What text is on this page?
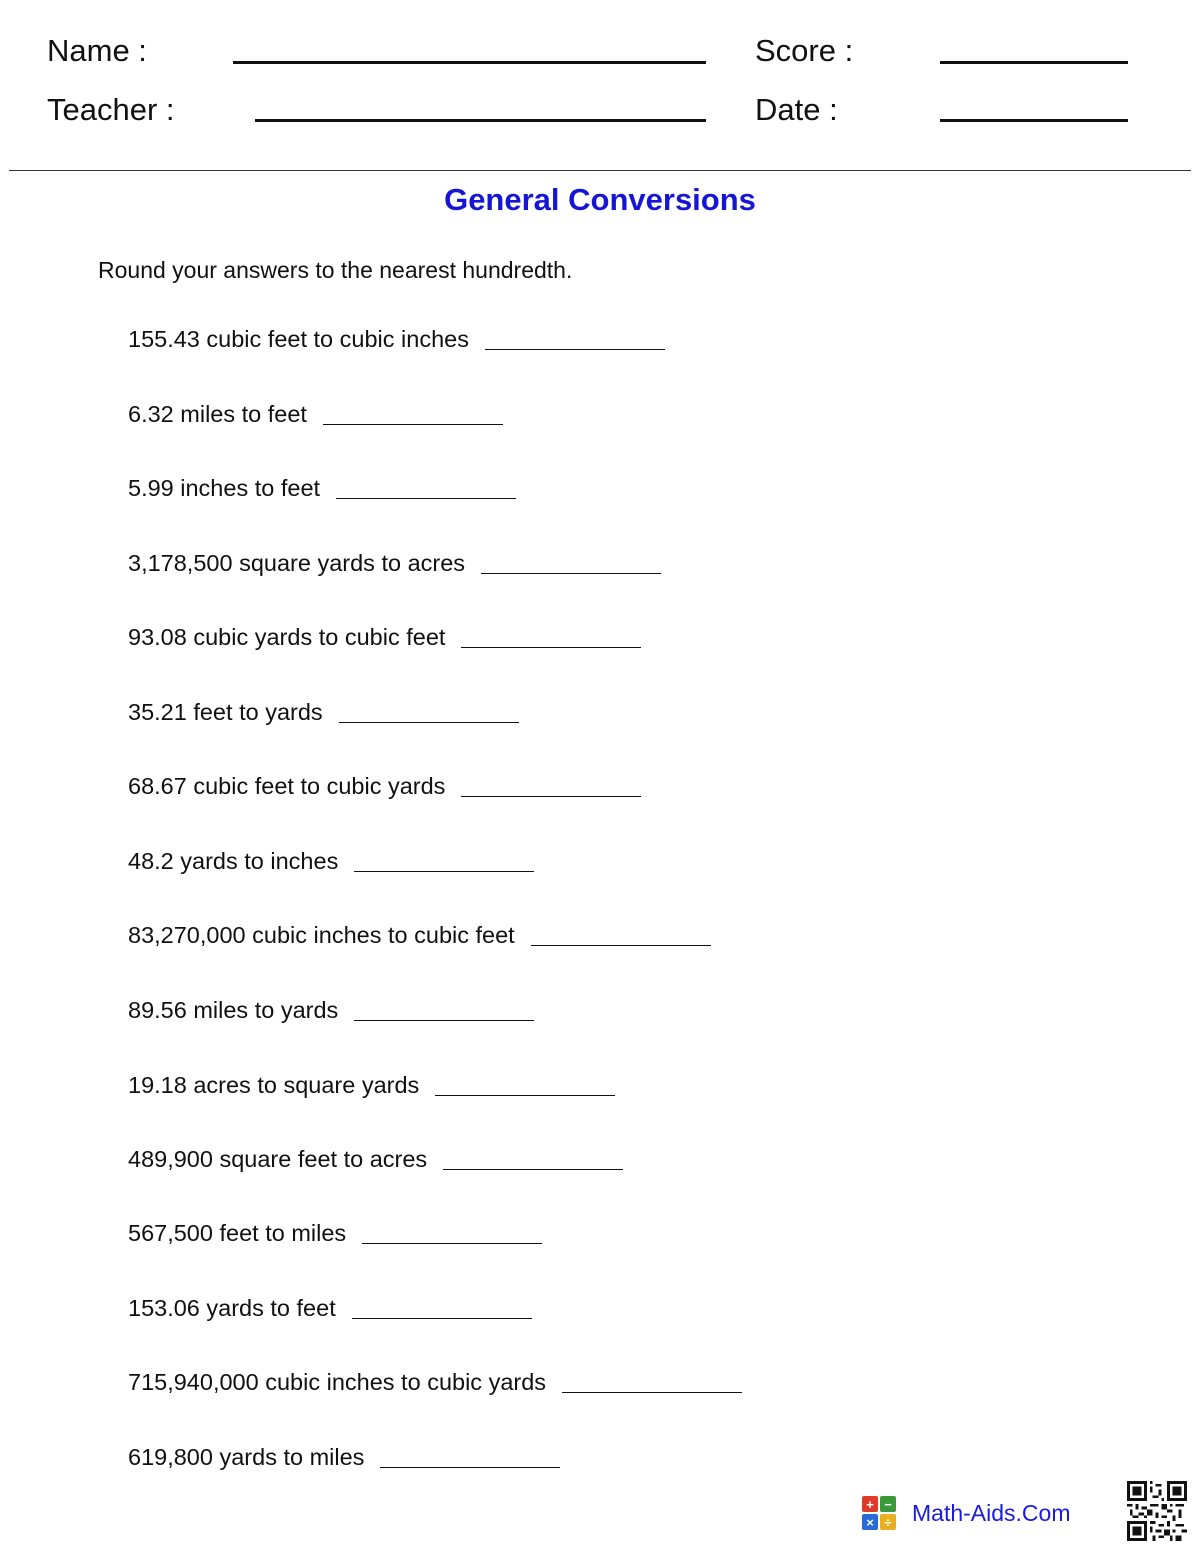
Name :	Score :
Teacher :	Date :
General Conversions
Round your answers to the nearest hundredth.
155.43 cubic feet to cubic inches
6.32 miles to feet
5.99 inches to feet
3,178,500 square yards to acres
93.08 cubic yards to cubic feet
35.21 feet to yards
68.67 cubic feet to cubic yards
48.2 yards to inches
83,270,000 cubic inches to cubic feet
89.56 miles to yards
19.18 acres to square yards
489,900 square feet to acres
567,500 feet to miles
153.06 yards to feet
715,940,000 cubic inches to cubic yards
619,800 yards to miles
+ −
× ÷ Math-Aids.Com
